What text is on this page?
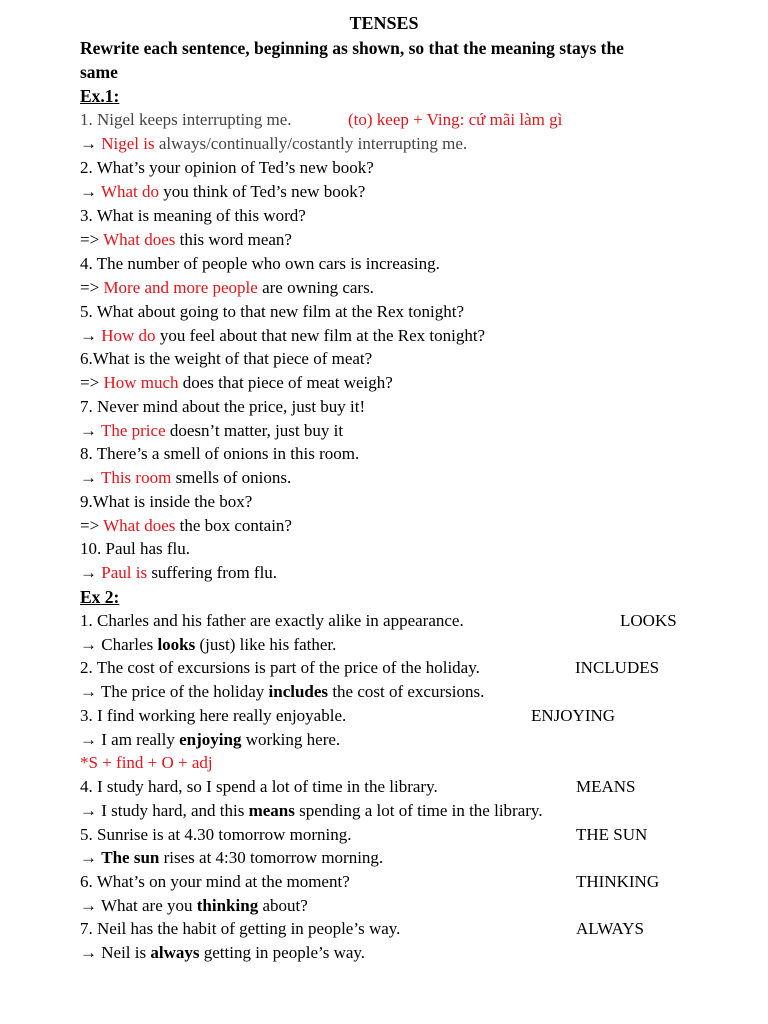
TENSES
Rewrite each sentence, beginning as shown, so that the meaning stays the
same
Ex.1:
1. Nigel keeps interrupting me.	(to) keep + Ving: cứ mãi làm gì
→ Nigel is always/continually/costantly interrupting me.
2. What’s your opinion of Ted’s new book?
→ What do you think of Ted’s new book?
3. What is meaning of this word?
=> What does this word mean?
4. The number of people who own cars is increasing.
=> More and more people are owning cars.
5. What about going to that new film at the Rex tonight?
→ How do you feel about that new film at the Rex tonight?
6.What is the weight of that piece of meat?
=> How much does that piece of meat weigh?
7. Never mind about the price, just buy it!
→ The price doesn’t matter, just buy it
8. There’s a smell of onions in this room.
→ This room smells of onions.
9.What is inside the box?
=> What does the box contain?
10. Paul has flu.
→ Paul is suffering from flu.
Ex 2:
1. Charles and his father are exactly alike in appearance.	LOOKS
→ Charles looks (just) like his father.
2. The cost of excursions is part of the price of the holiday.	INCLUDES
→ The price of the holiday includes the cost of excursions.
3. I find working here really enjoyable.	ENJOYING
→ I am really enjoying working here.
*S + find + O + adj
4. I study hard, so I spend a lot of time in the library.	MEANS
→ I study hard, and this means spending a lot of time in the library.
5. Sunrise is at 4.30 tomorrow morning.	THE SUN
→ The sun rises at 4:30 tomorrow morning.
6. What’s on your mind at the moment?	THINKING
→ What are you thinking about?
7. Neil has the habit of getting in people’s way.	ALWAYS
→ Neil is always getting in people’s way.
